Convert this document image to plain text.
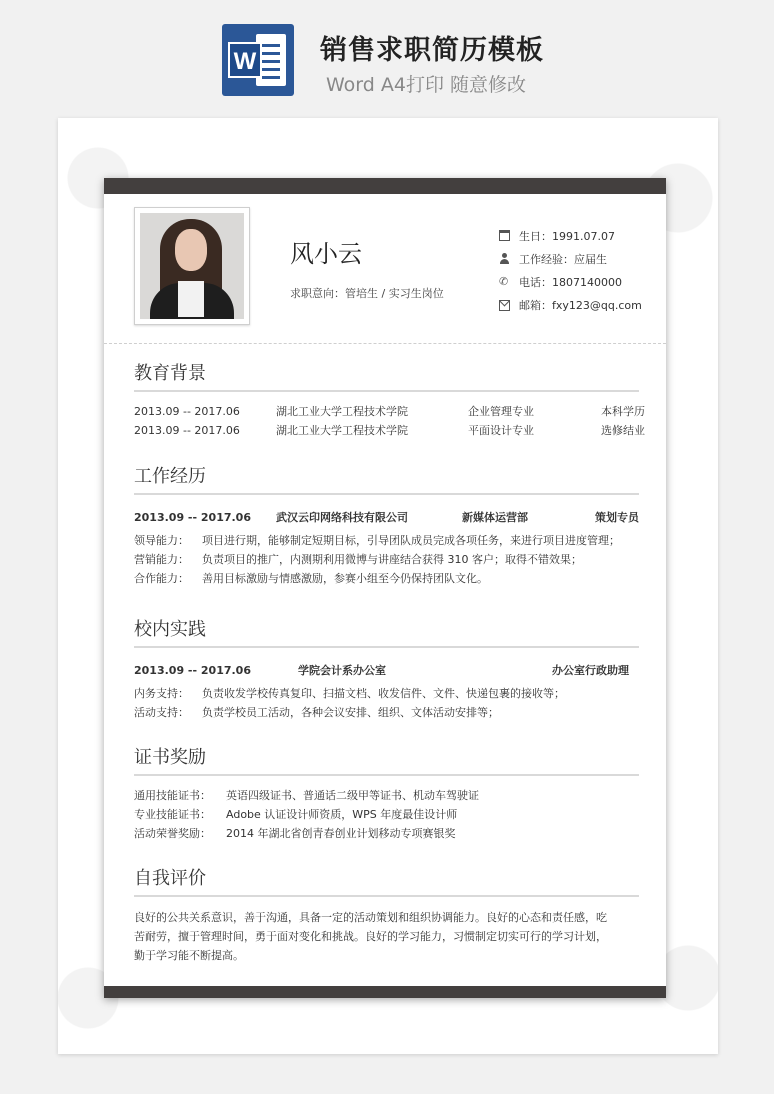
W 销售求职简历模板
Word A4打印 随意修改
风小云
求职意向：管培生 / 实习生岗位
生日：1991.07.07
工作经验：应届生
✆ 电话：1807140000
邮箱：fxy123@qq.com
教育背景
2013.09 -- 2017.06	湖北工业大学工程技术学院	企业管理专业	本科学历
2013.09 -- 2017.06	湖北工业大学工程技术学院	平面设计专业	选修结业
工作经历
2013.09 -- 2017.06 武汉云印网络科技有限公司	新媒体运营部	策划专员
领导能力： 项目进行期，能够制定短期目标，引导团队成员完成各项任务，来进行项目进度管理；
营销能力： 负责项目的推广，内测期利用微博与讲座结合获得 310 客户；取得不错效果；
合作能力： 善用目标激励与情感激励，参赛小组至今仍保持团队文化。
校内实践
2013.09 -- 2017.06	学院会计系办公室	办公室行政助理
内务支持： 负责收发学校传真复印、扫描文档、收发信件、文件、快递包裹的接收等；
活动支持： 负责学校员工活动，各种会议安排、组织、文体活动安排等；
证书奖励
通用技能证书： 英语四级证书、普通话二级甲等证书、机动车驾驶证
专业技能证书： Adobe 认证设计师资质，WPS 年度最佳设计师
活动荣誉奖励： 2014 年湖北省创青春创业计划移动专项赛银奖
自我评价
良好的公共关系意识，善于沟通，具备一定的活动策划和组织协调能力。良好的心态和责任感，吃苦耐劳，擅于管理时间，勇于面对变化和挑战。良好的学习能力，习惯制定切实可行的学习计划，勤于学习能不断提高。
